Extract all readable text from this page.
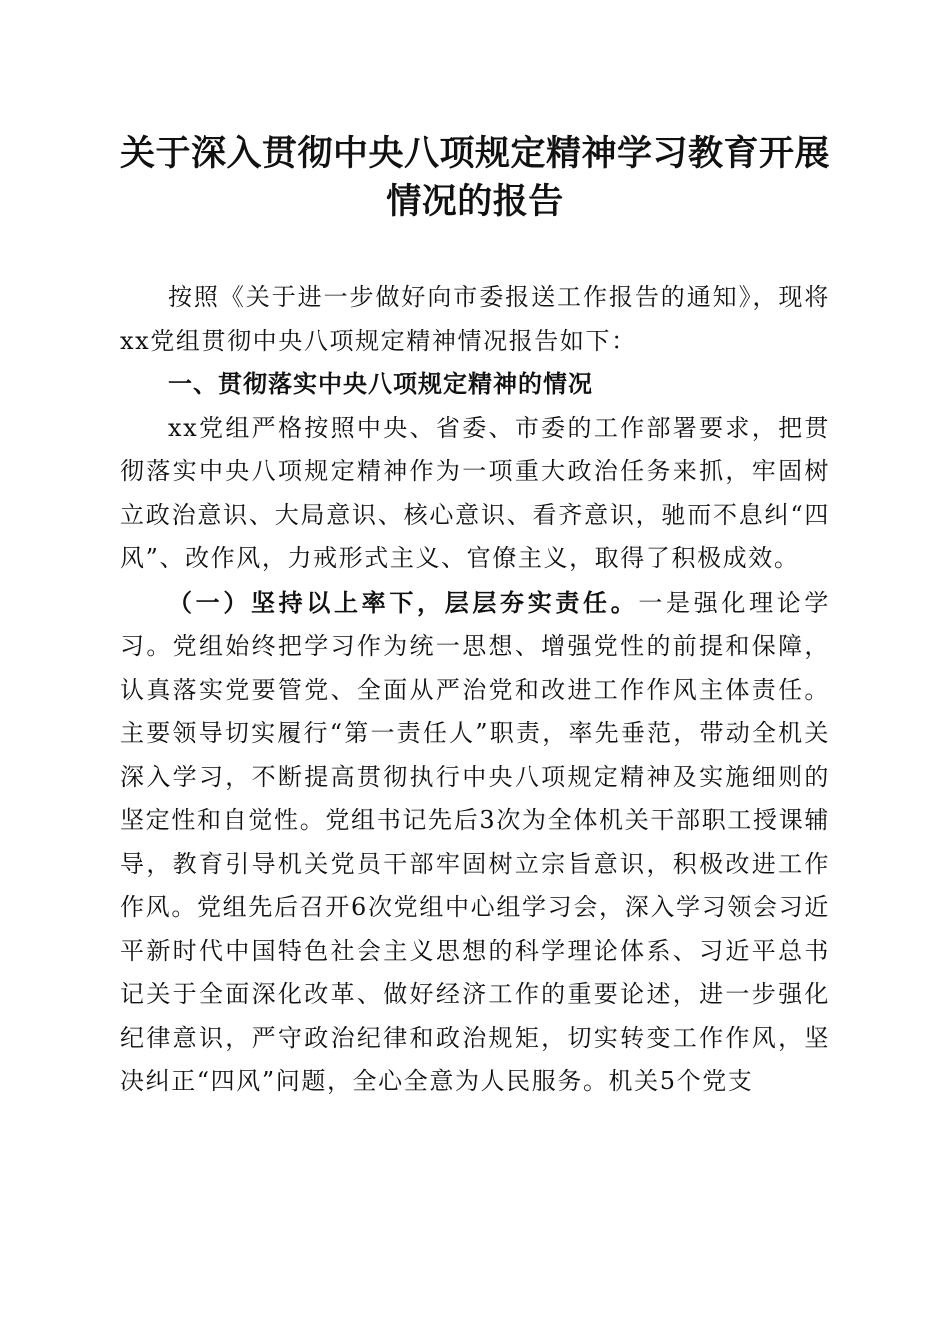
关于深入贯彻中央八项规定精神学习教育开展
情况的报告

按照《关于进一步做好向市委报送工作报告的通知》，现将xx党组贯彻中央八项规定精神情况报告如下：

一、贯彻落实中央八项规定精神的情况

xx党组严格按照中央、省委、市委的工作部署要求，把贯彻落实中央八项规定精神作为一项重大政治任务来抓，牢固树立政治意识、大局意识、核心意识、看齐意识，驰而不息纠“四风”、改作风，力戒形式主义、官僚主义，取得了积极成效。

（一）坚持以上率下，层层夯实责任。一是强化理论学习。党组始终把学习作为统一思想、增强党性的前提和保障，认真落实党要管党、全面从严治党和改进工作作风主体责任。主要领导切实履行“第一责任人”职责，率先垂范，带动全机关深入学习，不断提高贯彻执行中央八项规定精神及实施细则的坚定性和自觉性。党组书记先后3次为全体机关干部职工授课辅导，教育引导机关党员干部牢固树立宗旨意识，积极改进工作作风。党组先后召开6次党组中心组学习会，深入学习领会习近平新时代中国特色社会主义思想的科学理论体系、习近平总书记关于全面深化改革、做好经济工作的重要论述，进一步强化纪律意识，严守政治纪律和政治规矩，切实转变工作作风，坚决纠正“四风”问题，全心全意为人民服务。机关5个党支
